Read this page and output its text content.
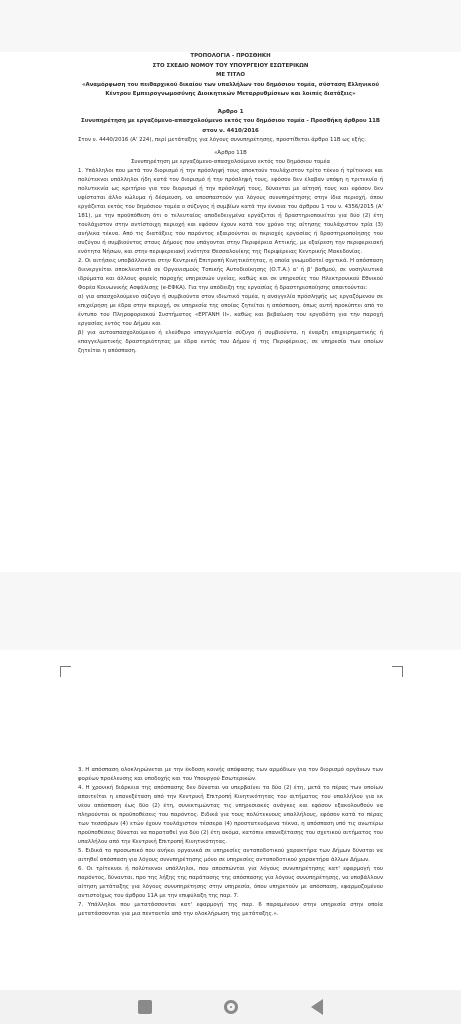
ΤΡΟΠΟΛΟΓΙΑ - ΠΡΟΣΘΗΚΗ
ΣΤΟ ΣΧΕΔΙΟ ΝΟΜΟΥ ΤΟΥ ΥΠΟΥΡΓΕΙΟΥ ΕΣΩΤΕΡΙΚΩΝ
ΜΕ ΤΙΤΛΟ
«Αναμόρφωση του πειθαρχικού δικαίου των υπαλλήλων του δημόσιου τομέα, σύσταση Ελληνικού Κέντρου Εμπειρογνωμοσύνης Διοικητικών Μεταρρυθμίσεων και λοιπές διατάξεις»
Άρθρο 1
Συνυπηρέτηση με εργαζόμενο-απασχολούμενο εκτός του δημόσιου τομέα - Προσθήκη άρθρου 11Β στον ν. 4410/2016

Στον ν. 4440/2016 (Α' 224), περί μετάταξης για λόγους συνυπηρέτησης, προστίθεται άρθρο 11Β ως εξής:

«Άρθρο 11Β
Συνυπηρέτηση με εργαζόμενο-απασχολούμενο εκτός του δημόσιου τομέα

1. Υπάλληλοι που μετά τον διορισμό ή την πρόσληψή τους αποκτούν τουλάχιστον τρίτο τέκνο ή τρίτεκνοι και πολύτεκνοι υπάλληλοι ήδη κατά τον διορισμό ή την πρόσληψή τους, εφόσον δεν έλαβαν υπόψη η τριτεκνία ή πολυτεκνία ως κριτήριο για τον διορισμό ή την πρόσληψή τους, δύνανται με αίτησή τους και εφόσον δεν υφίσταται άλλο κώλυμα ή δέσμευση, να αποσπαστούν για λόγους συνυπηρέτησης στην ίδια περιοχή, όπου εργάζεται εκτός του δημόσιου τομέα ο σύζυγος ή συμβίων κατά την έννοια του άρθρου 1 του ν. 4356/2015 (Α' 181), με την προϋπόθεση ότι ο τελευταίος αποδεδειγμένα εργάζεται ή δραστηριοποιείται για δύο (2) έτη τουλάχιστον στην αντίστοιχη περιοχή και εφόσον έχουν κατά τον χρόνο της αίτησης τουλάχιστον τρία (3) ανήλικα τέκνα. Από τις διατάξεις του παρόντος εξαιρούνται οι περιοχές εργασίας ή δραστηριοποίησης του συζύγου ή συμβιούντος στους Δήμους που υπάγονται στην Περιφέρεια Αττικής, με εξαίρεση την περιφερειακή ενότητα Νήσων, και στην περιφερειακή ενότητα Θεσσαλονίκης της Περιφέρειας Κεντρικής Μακεδονίας.

2. Οι αιτήσεις υποβάλλονται στην Κεντρική Επιτροπή Κινητικότητας, η οποία γνωμοδοτεί σχετικά. Η απόσπαση διενεργείται αποκλειστικά σε Οργανισμούς Τοπικής Αυτοδιοίκησης (Ο.Τ.Α.) α' ή β' βαθμού, σε νοσηλευτικά ιδρύματα και άλλους φορείς παροχής υπηρεσιών υγείας, καθώς και σε υπηρεσίες του Ηλεκτρονικού Εθνικού Φορέα Κοινωνικής Ασφάλισης (e-ΕΦΚΑ). Για την απόδειξη της εργασίας ή δραστηριοποίησης απαιτούνται:

α) για απασχολούμενο σύζυγο ή συμβιούντα στον ιδιωτικό τομέα, η αναγγελία πρόσληψής ως εργαζόμενου σε επιχείρηση με έδρα στην περιοχή, σε υπηρεσία της οποίας ζητείται η απόσπαση, όπως αυτή προκύπτει από το έντυπο του Πληροφοριακού Συστήματος «ΕΡΓΑΝΗ ΙΙ», καθώς και βεβαίωση του εργοδότη για την παροχή εργασίας εντός του Δήμου και

β) για αυτοαπασχολούμενο ή ελεύθερο επαγγελματία σύζυγο ή συμβιούντα, η έναρξη επιχειρηματικής ή επαγγελματικής δραστηριότητας με έδρα εντός του Δήμου ή της Περιφέρειας, σε υπηρεσία των οποίων ζητείται η απόσπαση.

3. Η απόσπαση ολοκληρώνεται με την έκδοση κοινής απόφασης των αρμόδιων για τον διορισμό οργάνων των φορέων προέλευσης και υποδοχής και του Υπουργού Εσωτερικών.

4. Η χρονική διάρκεια της απόσπασης δεν δύναται να υπερβαίνει τα δύο (2) έτη, μετά το πέρας των οποίων απαιτείται η επανεξέταση από την Κεντρική Επιτροπή Κινητικότητας του αιτήματος του υπαλλήλου για εκ νέου απόσπαση έως δύο (2) έτη, συνεκτιμώντας τις υπηρεσιακές ανάγκες και εφόσον εξακολουθούν να πληρούνται οι προϋποθέσεις του παρόντος. Ειδικά για τους πολύτεκνους υπαλλήλους, εφόσον κατά το πέρας των τεσσάρων (4) ετών έχουν τουλάχιστον τέσσερα (4) προστατευόμενα τέκνα, η απόσπαση υπό τις ανωτέρω προϋποθέσεις δύναται να παραταθεί για δύο (2) έτη ακόμα, κατόπιν επανεξέτασης του σχετικού αιτήματος του υπαλλήλου από την Κεντρική Επιτροπή Κινητικότητας.

5. Ειδικά το προσωπικό που ανήκει οργανικά σε υπηρεσίες ανταποδοτικού χαρακτήρα των Δήμων δύναται να αιτηθεί απόσπαση για λόγους συνυπηρέτησης μόνο σε υπηρεσίες ανταποδοτικού χαρακτήρα άλλων Δήμων.

6. Οι τρίτεκνοι ή πολύτεκνοι υπάλληλοι, που αποσπώνται για λόγους συνυπηρέτησης κατ' εφαρμογή του παρόντος, δύνανται, προ της λήξης της παράτασης της απόσπασης για λόγους συνυπηρέτησης, να υποβάλλουν αίτηση μετάταξης για λόγους συνυπηρέτησης στην υπηρεσία, όπου υπηρετούν με απόσπαση, εφαρμοζομένου αντιστοίχως του άρθρου 11Α με την επιφύλαξη της παρ. 7.

7. Υπάλληλοι που μετατάσσονται κατ' εφαρμογή της παρ. 6 παραμένουν στην υπηρεσία στην οποία μετατάσσονται για μια πενταετία από την ολοκλήρωση της μετάταξης.».
